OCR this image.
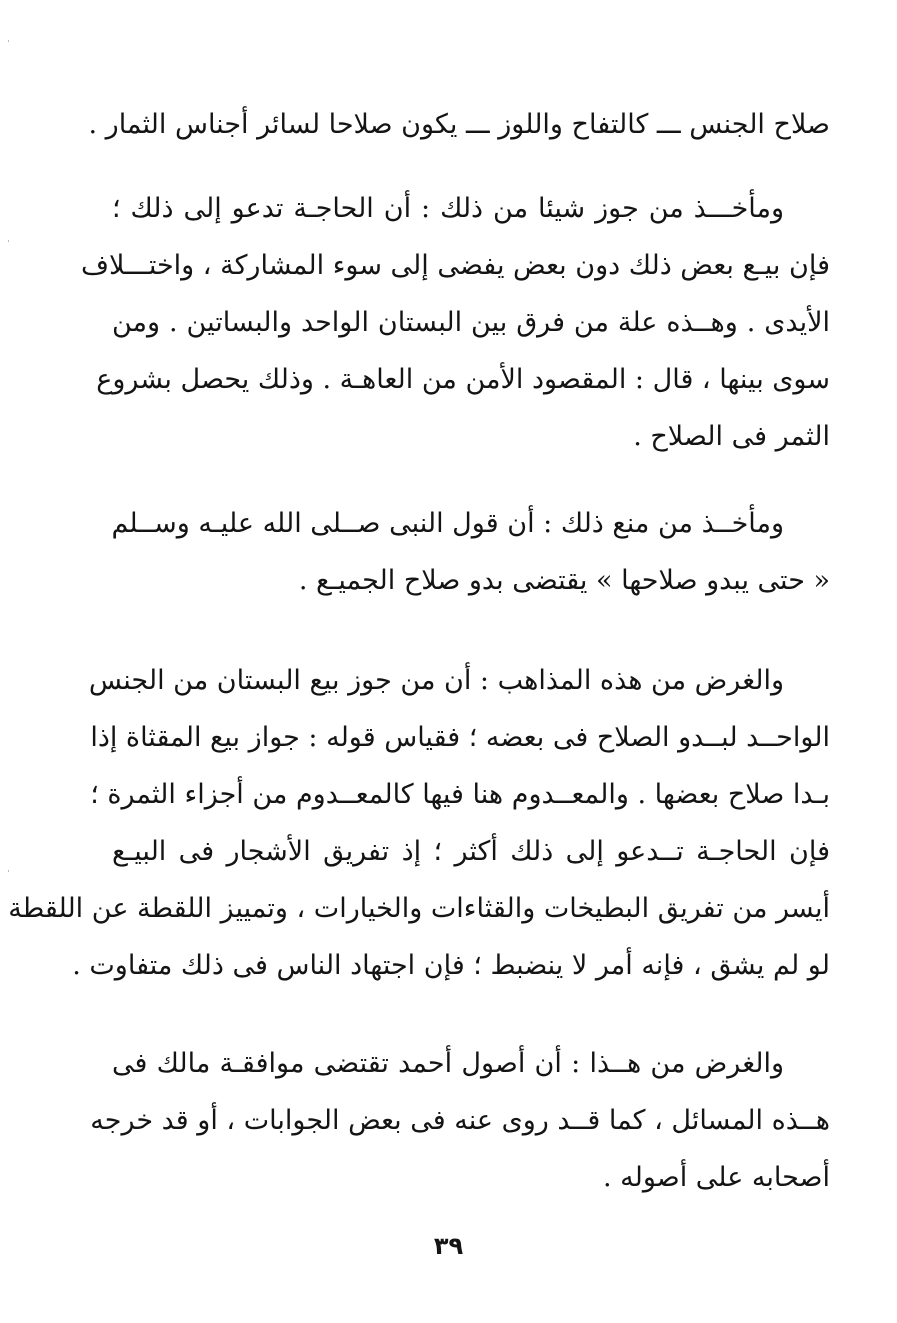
صلاح الجنس ـــ كالتفاح واللوز ـــ يكون صلاحا لسائر أجناس الثمار .
ومأخـــذ من جوز شيئا من ذلك : أن الحاجـة تدعو إلى ذلك ؛
فإن بيـع بعض ذلك دون بعض يفضى إلى سوء المشاركة ، واختـــلاف
الأيدى . وهــذه علة من فرق بين البستان الواحد والبساتين . ومن
سوى بينها ، قال : المقصود الأمن من العاهـة . وذلك يحصل بشروع
الثمر فى الصلاح .
ومأخــذ من منع ذلك : أن قول النبى صــلى الله عليـه وســلم
« حتى يبدو صلاحها » يقتضى بدو صلاح الجميـع .
والغرض من هذه المذاهب : أن من جوز بيع البستان من الجنس
الواحــد لبــدو الصلاح فى بعضه ؛ فقياس قوله : جواز بيع المقثاة إذا
بـدا صلاح بعضها . والمعــدوم هنا فيها كالمعــدوم من أجزاء الثمرة ؛
فإن الحاجـة تــدعو إلى ذلك أكثر ؛ إذ تفريق الأشجار فى البيـع
أيسر من تفريق البطيخات والقثاءات والخيارات ، وتمييز اللقطة عن اللقطة
لو لم يشق ، فإنه أمر لا ينضبط ؛ فإن اجتهاد الناس فى ذلك متفاوت .
والغرض من هــذا : أن أصول أحمد تقتضى موافقـة مالك فى
هــذه المسائل ، كما قــد روى عنه فى بعض الجوابات ، أو قد خرجه
أصحابه على أصوله .
٣٩
